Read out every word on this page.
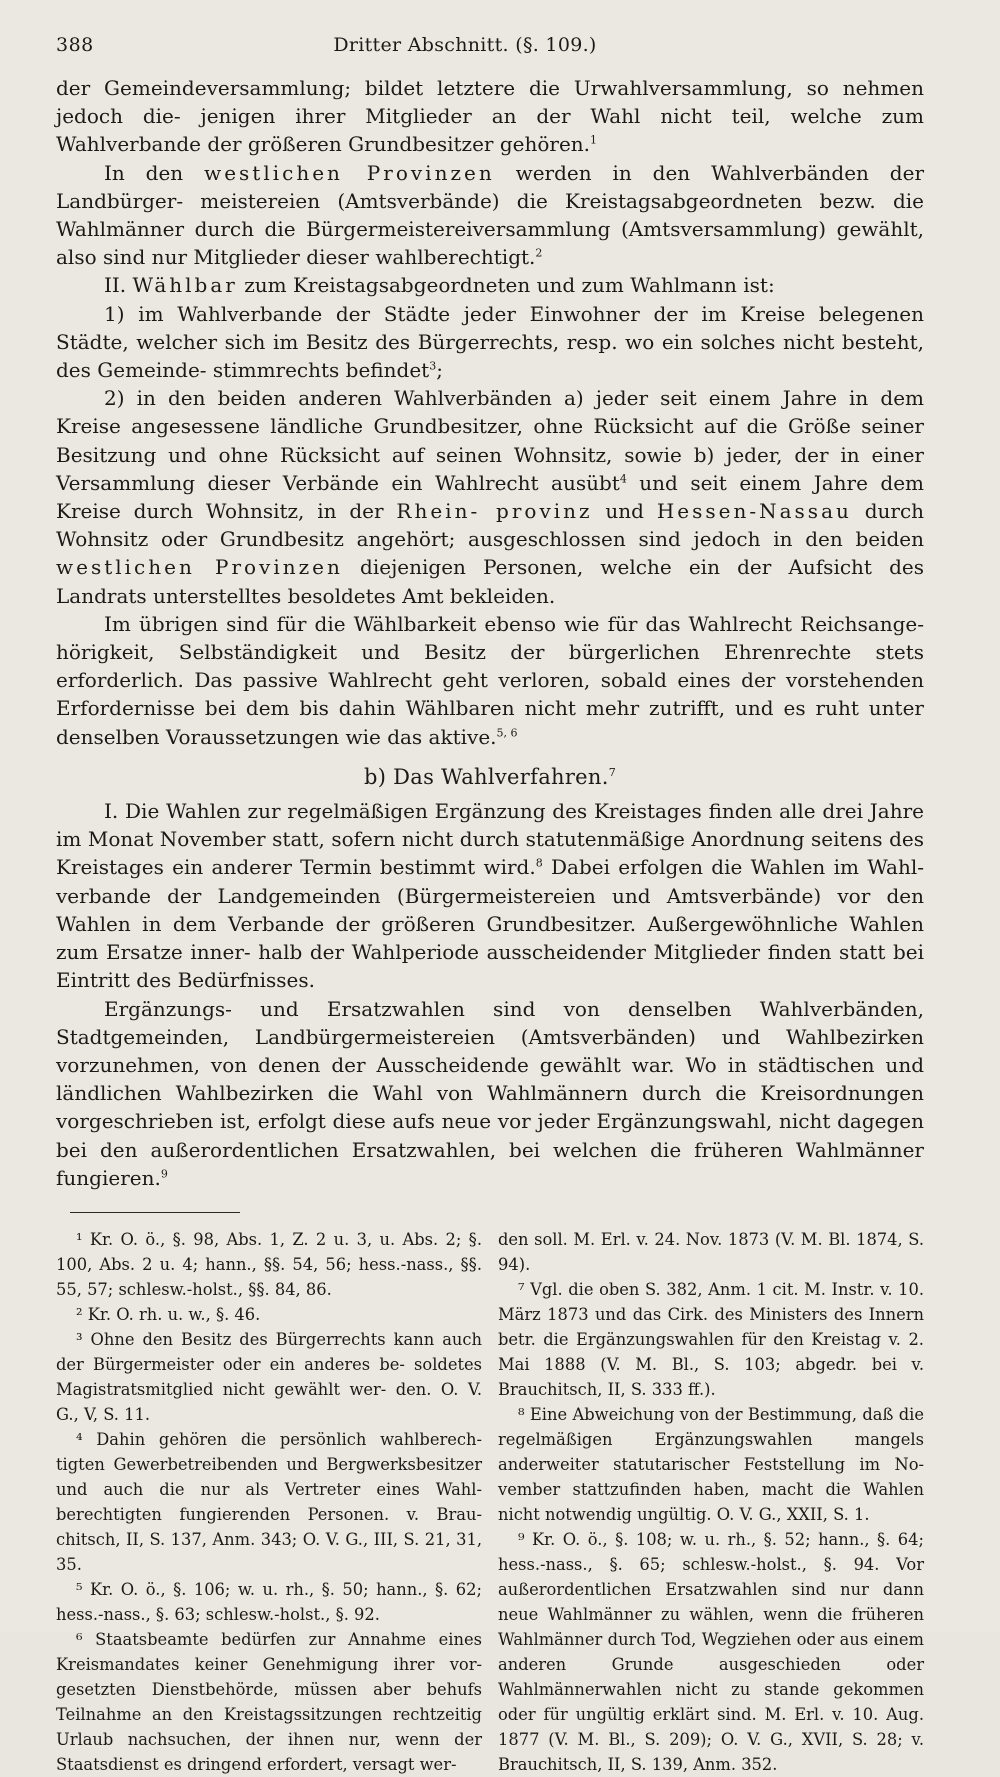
388	Dritter Abschnitt. (§. 109.)

der Gemeindeversammlung; bildet letztere die Urwahlversammlung, so nehmen jedoch die- jenigen ihrer Mitglieder an der Wahl nicht teil, welche zum Wahlverbande der größeren Grundbesitzer gehören.$^1$

In den westlichen Provinzen werden in den Wahlverbänden der Landbürger- meistereien (Amtsverbände) die Kreistagsabgeordneten bezw. die Wahlmänner durch die Bürgermeistereiversammlung (Amtsversammlung) gewählt, also sind nur Mitglieder dieser wahlberechtigt.$^2$

II. Wählbar zum Kreistagsabgeordneten und zum Wahlmann ist:

1) im Wahlverbande der Städte jeder Einwohner der im Kreise belegenen Städte, welcher sich im Besitz des Bürgerrechts, resp. wo ein solches nicht besteht, des Gemeinde- stimmrechts befindet$^3$;

2) in den beiden anderen Wahlverbänden a) jeder seit einem Jahre in dem Kreise angesessene ländliche Grundbesitzer, ohne Rücksicht auf die Größe seiner Besitzung und ohne Rücksicht auf seinen Wohnsitz, sowie b) jeder, der in einer Versammlung dieser Verbände ein Wahlrecht ausübt$^4$ und seit einem Jahre dem Kreise durch Wohnsitz, in der Rhein- provinz und Hessen-Nassau durch Wohnsitz oder Grundbesitz angehört; ausgeschlossen sind jedoch in den beiden westlichen Provinzen diejenigen Personen, welche ein der Aufsicht des Landrats unterstelltes besoldetes Amt bekleiden.

Im übrigen sind für die Wählbarkeit ebenso wie für das Wahlrecht Reichsange- hörigkeit, Selbständigkeit und Besitz der bürgerlichen Ehrenrechte stets erforderlich. Das passive Wahlrecht geht verloren, sobald eines der vorstehenden Erfordernisse bei dem bis dahin Wählbaren nicht mehr zutrifft, und es ruht unter denselben Voraussetzungen wie das aktive.$^{5, 6}$

b) Das Wahlverfahren.$^7$

I. Die Wahlen zur regelmäßigen Ergänzung des Kreistages finden alle drei Jahre im Monat November statt, sofern nicht durch statutenmäßige Anordnung seitens des Kreistages ein anderer Termin bestimmt wird.$^8$ Dabei erfolgen die Wahlen im Wahl- verbande der Landgemeinden (Bürgermeistereien und Amtsverbände) vor den Wahlen in dem Verbande der größeren Grundbesitzer. Außergewöhnliche Wahlen zum Ersatze inner- halb der Wahlperiode ausscheidender Mitglieder finden statt bei Eintritt des Bedürfnisses.

Ergänzungs- und Ersatzwahlen sind von denselben Wahlverbänden, Stadtgemeinden, Landbürgermeistereien (Amtsverbänden) und Wahlbezirken vorzunehmen, von denen der Ausscheidende gewählt war. Wo in städtischen und ländlichen Wahlbezirken die Wahl von Wahlmännern durch die Kreisordnungen vorgeschrieben ist, erfolgt diese aufs neue vor jeder Ergänzungswahl, nicht dagegen bei den außerordentlichen Ersatzwahlen, bei welchen die früheren Wahlmänner fungieren.$^9$

¹ Kr. O. ö., §. 98, Abs. 1, Z. 2 u. 3, u. Abs. 2; §. 100, Abs. 2 u. 4; hann., §§. 54, 56; hess.-nass., §§. 55, 57; schlesw.-holst., §§. 84, 86.

² Kr. O. rh. u. w., §. 46.

³ Ohne den Besitz des Bürgerrechts kann auch der Bürgermeister oder ein anderes be- soldetes Magistratsmitglied nicht gewählt wer- den. O. V. G., V, S. 11.

⁴ Dahin gehören die persönlich wahlberech- tigten Gewerbetreibenden und Bergwerksbesitzer und auch die nur als Vertreter eines Wahl- berechtigten fungierenden Personen. v. Brau- chitsch, II, S. 137, Anm. 343; O. V. G., III, S. 21, 31, 35.

⁵ Kr. O. ö., §. 106; w. u. rh., §. 50; hann., §. 62; hess.-nass., §. 63; schlesw.-holst., §. 92.

⁶ Staatsbeamte bedürfen zur Annahme eines Kreismandates keiner Genehmigung ihrer vor- gesetzten Dienstbehörde, müssen aber behufs Teilnahme an den Kreistagssitzungen rechtzeitig Urlaub nachsuchen, der ihnen nur, wenn der Staatsdienst es dringend erfordert, versagt wer-

den soll. M. Erl. v. 24. Nov. 1873 (V. M. Bl. 1874, S. 94).

⁷ Vgl. die oben S. 382, Anm. 1 cit. M. Instr. v. 10. März 1873 und das Cirk. des Ministers des Innern betr. die Ergänzungswahlen für den Kreistag v. 2. Mai 1888 (V. M. Bl., S. 103; abgedr. bei v. Brauchitsch, II, S. 333 ff.).

⁸ Eine Abweichung von der Bestimmung, daß die regelmäßigen Ergänzungswahlen mangels anderweiter statutarischer Feststellung im No- vember stattzufinden haben, macht die Wahlen nicht notwendig ungültig. O. V. G., XXII, S. 1.

⁹ Kr. O. ö., §. 108; w. u. rh., §. 52; hann., §. 64; hess.-nass., §. 65; schlesw.-holst., §. 94. Vor außerordentlichen Ersatzwahlen sind nur dann neue Wahlmänner zu wählen, wenn die früheren Wahlmänner durch Tod, Wegziehen oder aus einem anderen Grunde ausgeschieden oder Wahlmännerwahlen nicht zu stande gekommen oder für ungültig erklärt sind. M. Erl. v. 10. Aug. 1877 (V. M. Bl., S. 209); O. V. G., XVII, S. 28; v. Brauchitsch, II, S. 139, Anm. 352.
